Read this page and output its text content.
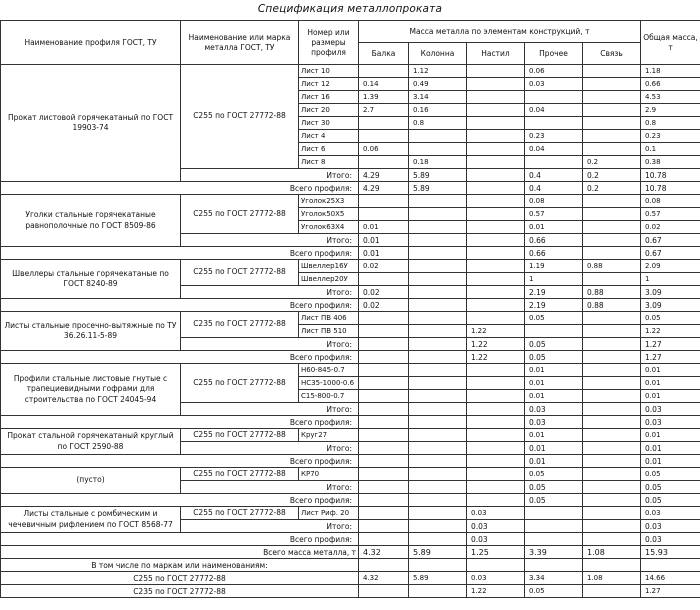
Спецификация металлопроката
Наименование профиля ГОСТ, ТУ	Наименование или марка металла ГОСТ, ТУ	Номер или размеры профиля	Масса металла по элементам конструкций, т					Общая масса, т
			Балка	Колонна	Настил	Прочее	Связь	
Прокат листовой горячекатаный по ГОСТ 19903-74	С255 по ГОСТ 27772-88	Лист 10		1.12		0.06		1.18
		Лист 12	0.14	0.49		0.03		0.66
		Лист 16	1.39	3.14				4.53
		Лист 20	2.7	0.16		0.04		2.9
		Лист 30		0.8				0.8
		Лист 4				0.23		0.23
		Лист 6	0.06			0.04		0.1
		Лист 8		0.18			0.2	0.38
	Итого:		4.29	5.89		0.4	0.2	10.78
Всего профиля:			4.29	5.89		0.4	0.2	10.78
Уголки стальные горячекатаные равнополочные по ГОСТ 8509-86	С255 по ГОСТ 27772-88	Уголок25Х3				0.08		0.08
		Уголок50Х5				0.57		0.57
		Уголок63Х4	0.01			0.01		0.02
	Итого:		0.01			0.66		0.67
Всего профиля:			0.01			0.66		0.67
Швеллеры стальные горячекатаные по ГОСТ 8240-89	С255 по ГОСТ 27772-88	Швеллер16У	0.02			1.19	0.88	2.09
		Швеллер20У				1		1
	Итого:		0.02			2.19	0.88	3.09
Всего профиля:			0.02			2.19	0.88	3.09
Листы стальные просечно-вытяжные по ТУ 36.26.11-5-89	С235 по ГОСТ 27772-88	Лист ПВ 406				0.05		0.05
		Лист ПВ 510			1.22			1.22
	Итого:				1.22	0.05		1.27
Всего профиля:					1.22	0.05		1.27
Профили стальные листовые гнутые с трапециевидными гофрами для строительства по ГОСТ 24045-94	С255 по ГОСТ 27772-88	Н60-845-0.7				0.01		0.01
		НС35-1000-0.6				0.01		0.01
		С15-800-0.7				0.01		0.01
	Итого:					0.03		0.03
Всего профиля:						0.03		0.03
Прокат стальной горячекатаный круглый по ГОСТ 2590-88	С255 по ГОСТ 27772-88	Круг27				0.01		0.01
	Итого:					0.01		0.01
Всего профиля:						0.01		0.01
(пусто)	С255 по ГОСТ 27772-88	КР70				0.05		0.05
	Итого:					0.05		0.05
Всего профиля:						0.05		0.05
Листы стальные с ромбическим и чечевичным рифлением по ГОСТ 8568-77	С255 по ГОСТ 27772-88	Лист Риф. 20			0.03			0.03
	Итого:				0.03			0.03
Всего профиля:					0.03			0.03
Всего масса металла, т			4.32	5.89	1.25	3.39	1.08	15.93
В том числе по маркам или наименованиям:								
С255 по ГОСТ 27772-88			4.32	5.89	0.03	3.34	1.08	14.66
С235 по ГОСТ 27772-88					1.22	0.05		1.27
